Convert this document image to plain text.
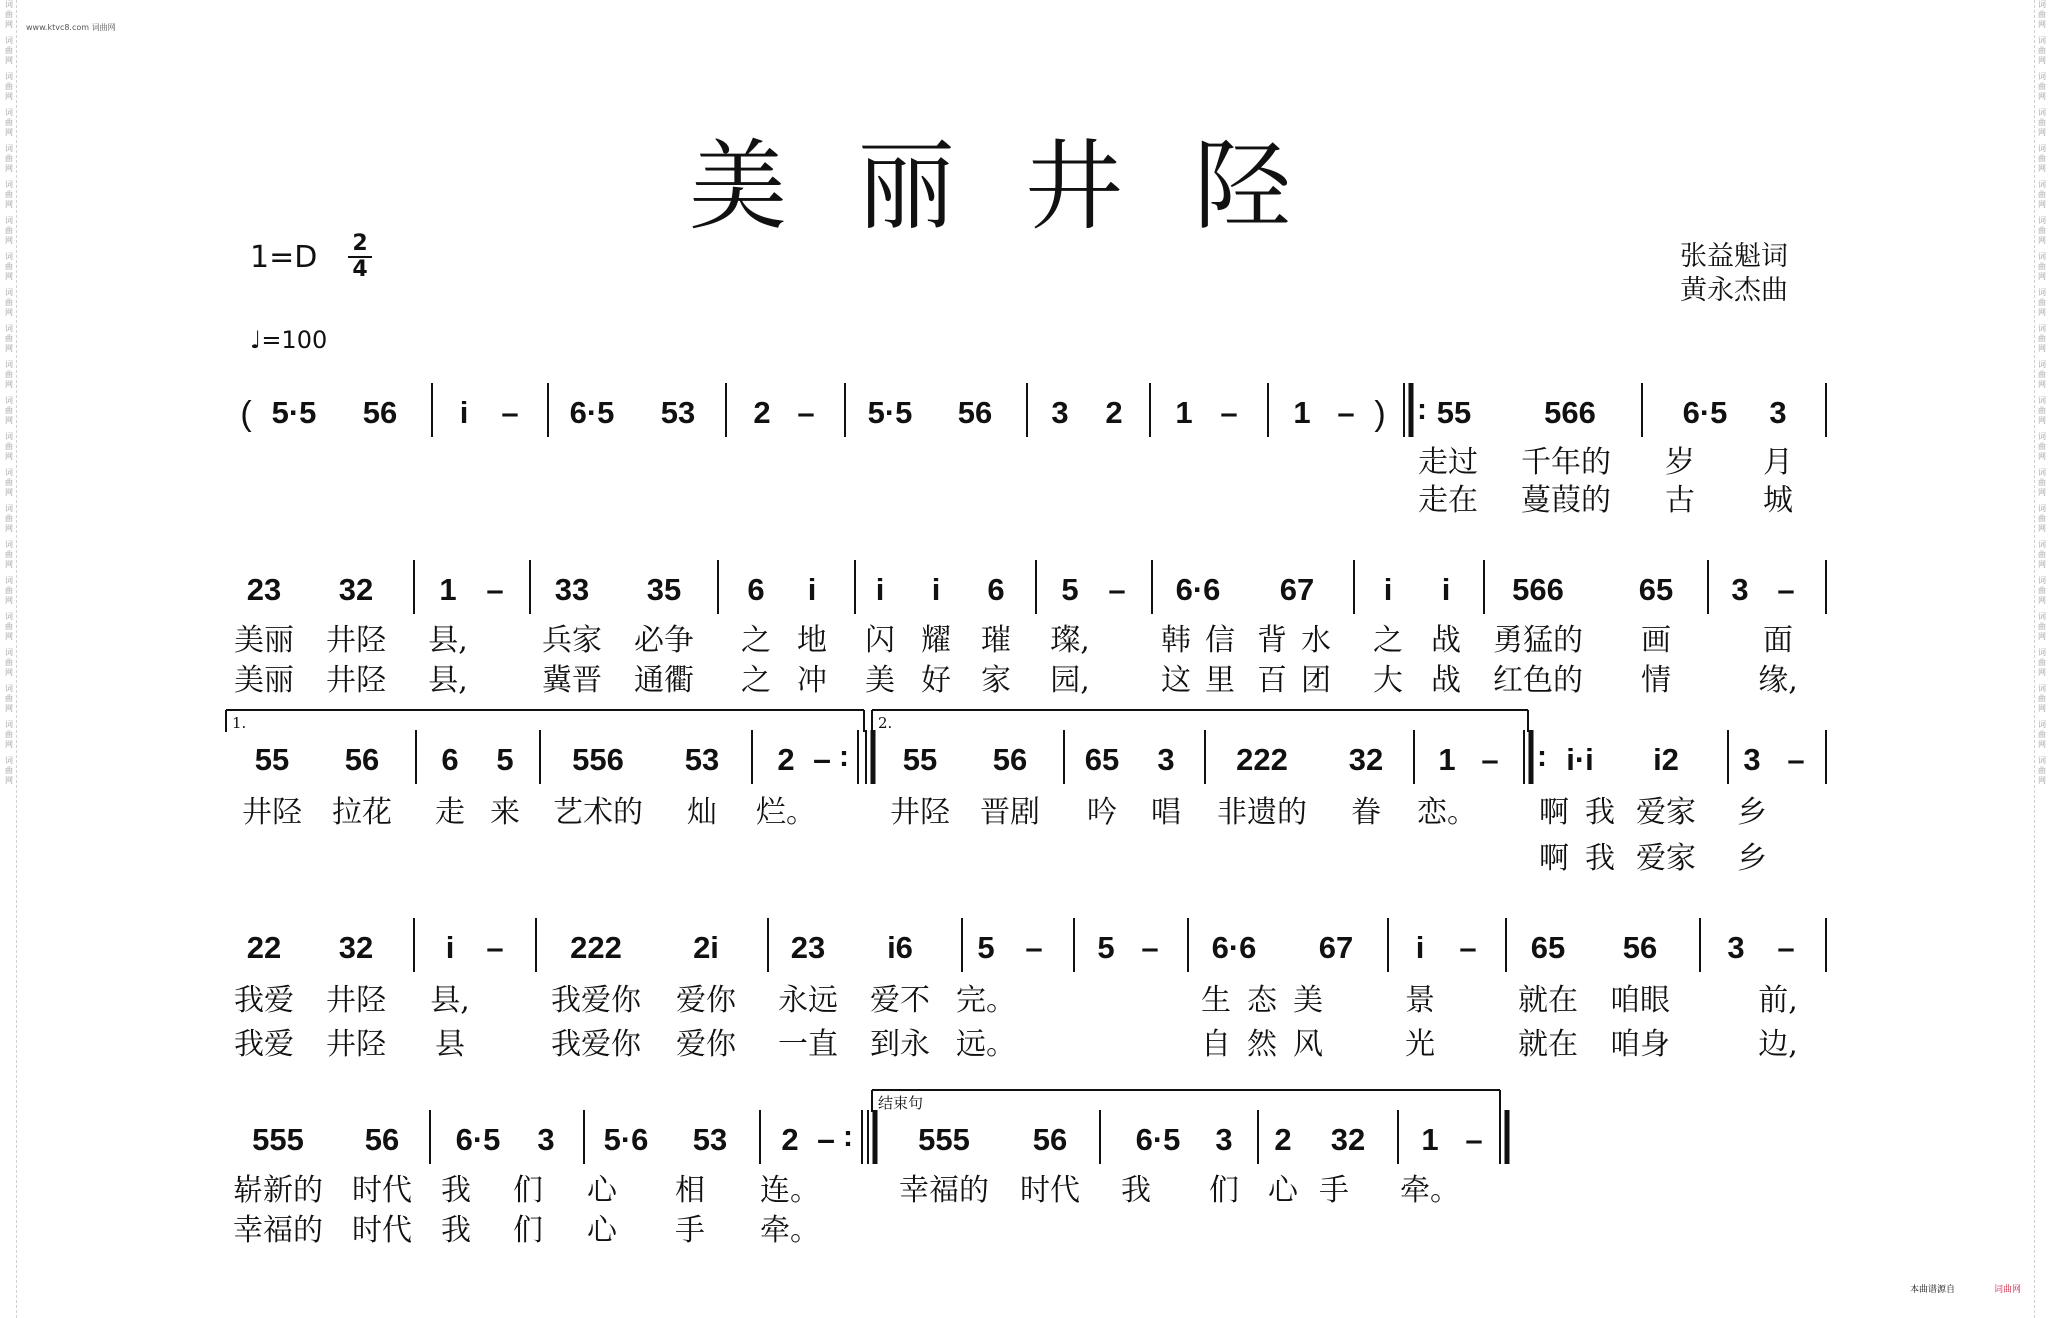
词曲网
词曲网
词曲网
词曲网
词曲网
词曲网
词曲网
词曲网
词曲网
词曲网
词曲网
词曲网
词曲网
词曲网
词曲网
词曲网
词曲网
词曲网
词曲网
词曲网
词曲网
词曲网
词曲网
词曲网
词曲网
词曲网
词曲网
词曲网
词曲网
词曲网
词曲网
词曲网
词曲网
词曲网
词曲网
词曲网
词曲网
词曲网
词曲网
词曲网
词曲网
词曲网
词曲网
词曲网
www.ktvc8.com 词曲网
美丽井陉
1=D 2
4
♩=100
张益魁词
黄永杰曲
( 5·5 56 i – 6·5 53 2 – 5·5 56 3 2 1 – 1 – ) : 55 566	6·5 3
走过 千年的 岁 月
走在 蔓葭的 古 城
23 32 1 – 33 35 6 i i i 6 5 – 6·6 67 i i 566 65 3 –
美丽 井陉 县, 兵家 必争 之 地 闪 耀 璀 璨, 韩 信 背 水 之 战 勇猛的 画	面
美丽 井陉 县, 冀晋 通衢 之 冲 美 好 家 园, 这 里 百 团 大 战 红色的 情	缘,
1.	2.
55 56 6 5 556 53 2 – : 55 56 65 3 222 32 1 – : i·i i2 3 –
井陉 拉花 走 来 艺术的 灿 烂。 井陉 晋剧 吟 唱 非遗的 眷 恋。 啊 我 爱家 乡
啊 我 爱家 乡
22 32 i – 222 2i 23 i6 5 – 5 – 6·6 67 i – 65 56 3 –
我爱 井陉 县,	我爱你 爱你 永远 爱不 完。	生 态 美	景	就在 咱眼	前,
我爱 井陉 县	我爱你 爱你 一直 到永 远。	自 然 风	光	就在 咱身	边,
555 56 6·5 3 5·6 53 2 – : 555 56 6·5 3 2 32 1 –
崭新的 时代 我 们 心 相 连。	幸福的 时代 我 们 心 手 牵。
幸福的 时代 我 们 心 手 牵。
结束句
本曲谱源自	词曲网
